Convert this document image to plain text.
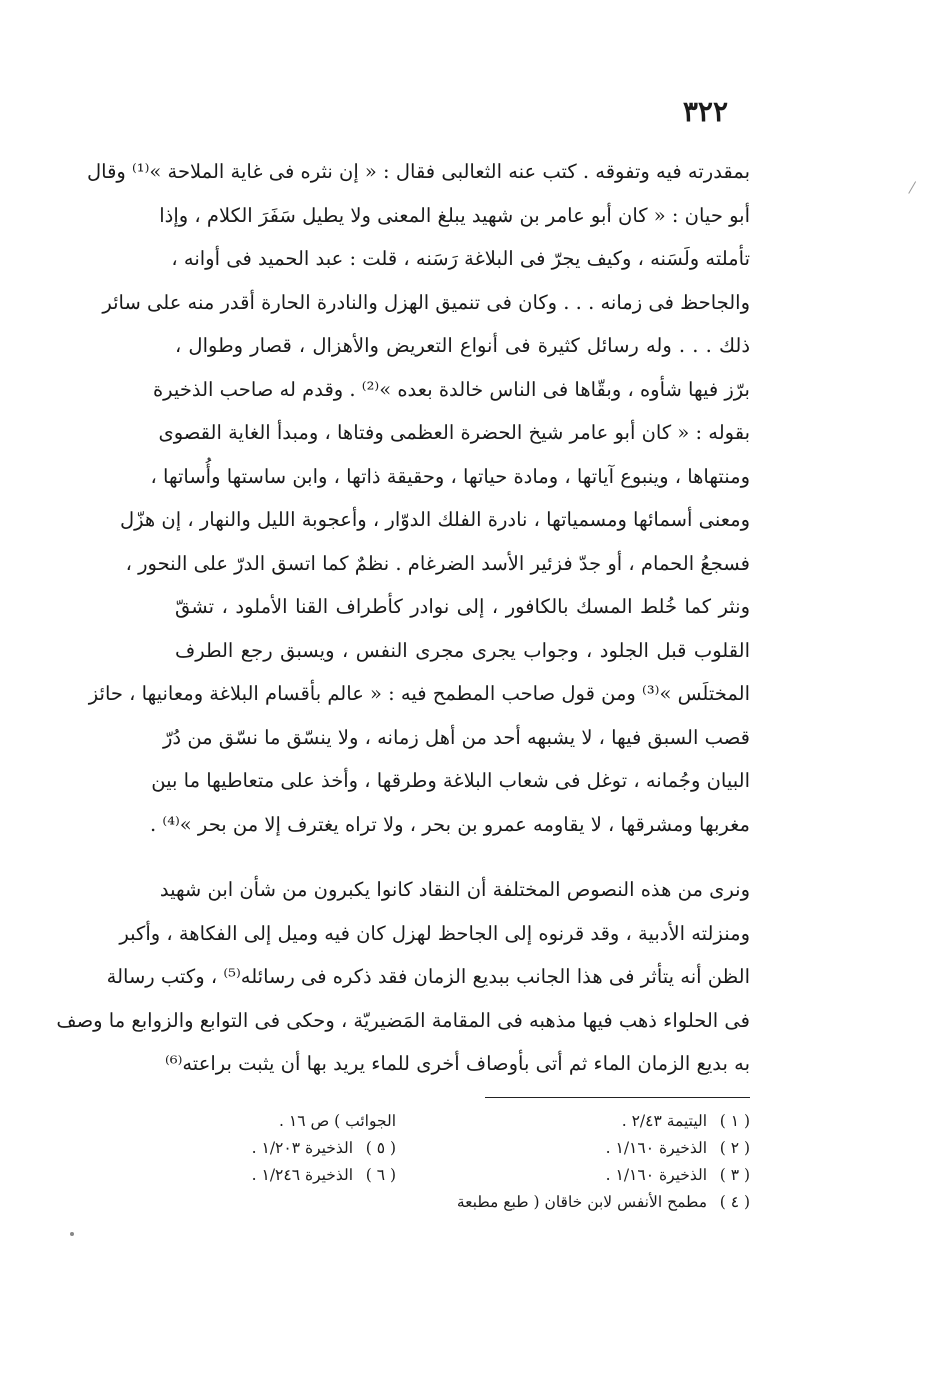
٣٢٢
بمقدرته فيه وتفوقه . كتب عنه الثعالبى فقال : « إن نثره فى غاية الملاحة »⁽¹⁾ وقال
أبو حيان : « كان أبو عامر بن شهيد يبلغ المعنى ولا يطيل سَفَرَ الكلام ، وإذا
تأملته ولَسَنه ، وكيف يجرّ فى البلاغة رَسَنه ، قلت : عبد الحميد فى أوانه ،
والجاحظ فى زمانه . . . وكان فى تنميق الهزل والنادرة الحارة أقدر منه على سائر
ذلك . . . وله رسائل كثيرة فى أنواع التعريض والأهزال ، قصار وطوال ،
برّز فيها شأوه ، وبقّاها فى الناس خالدة بعده »⁽²⁾ . وقدم له صاحب الذخيرة
بقوله : « كان أبو عامر شيخ الحضرة العظمى وفتاها ، ومبدأ الغاية القصوى
ومنتهاها ، وينبوع آياتها ، ومادة حياتها ، وحقيقة ذاتها ، وابن ساستها وأُساتها ،
ومعنى أسمائها ومسمياتها ، نادرة الفلك الدوّار ، وأعجوبة الليل والنهار ، إن هزّل
فسجعُ الحمام ، أو جدّ فزئير الأسد الضرغام . نظمٌ كما اتسق الدرّ على النحور ،
ونثر كما خُلط المسك بالكافور ، إلى نوادر كأطراف القنا الأملود ، تشقّ
القلوب قبل الجلود ، وجواب يجرى مجرى النفس ، ويسبق رجع الطرف
المختلَس »⁽³⁾ ومن قول صاحب المطمح فيه : « عالم بأقسام البلاغة ومعانيها ، حائز
قصب السبق فيها ، لا يشبهه أحد من أهل زمانه ، ولا ينسّق ما نسّق من دُرّ
البيان وجُمانه ، توغل فى شعاب البلاغة وطرقها ، وأخذ على متعاطيها ما بين
مغربها ومشرقها ، لا يقاومه عمرو بن بحر ، ولا تراه يغترف إلا من بحر »⁽⁴⁾ .
ونرى من هذه النصوص المختلفة أن النقاد كانوا يكبرون من شأن ابن شهيد
ومنزلته الأدبية ، وقد قرنوه إلى الجاحظ لهزل كان فيه وميل إلى الفكاهة ، وأكبر
الظن أنه يتأثر فى هذا الجانب ببديع الزمان فقد ذكره فى رسائله⁽⁵⁾ ، وكتب رسالة
فى الحلواء ذهب فيها مذهبه فى المقامة المَضيريّة ، وحكى فى التوابع والزوابع ما وصف
به بديع الزمان الماء ثم أتى بأوصاف أخرى للماء يريد بها أن يثبت براعته⁽⁶⁾
( ١ ) اليتيمة ٢/٤٣ .
( ٢ ) الذخيرة ١/١٦٠ .
( ٣ ) الذخيرة ١/١٦٠ .
( ٤ ) مطمح الأنفس لابن خاقان ( طبع مطبعة
الجوائب ) ص ١٦ .
( ٥ ) الذخيرة ١/٢٠٣ .
( ٦ ) الذخيرة ١/٢٤٦ .
